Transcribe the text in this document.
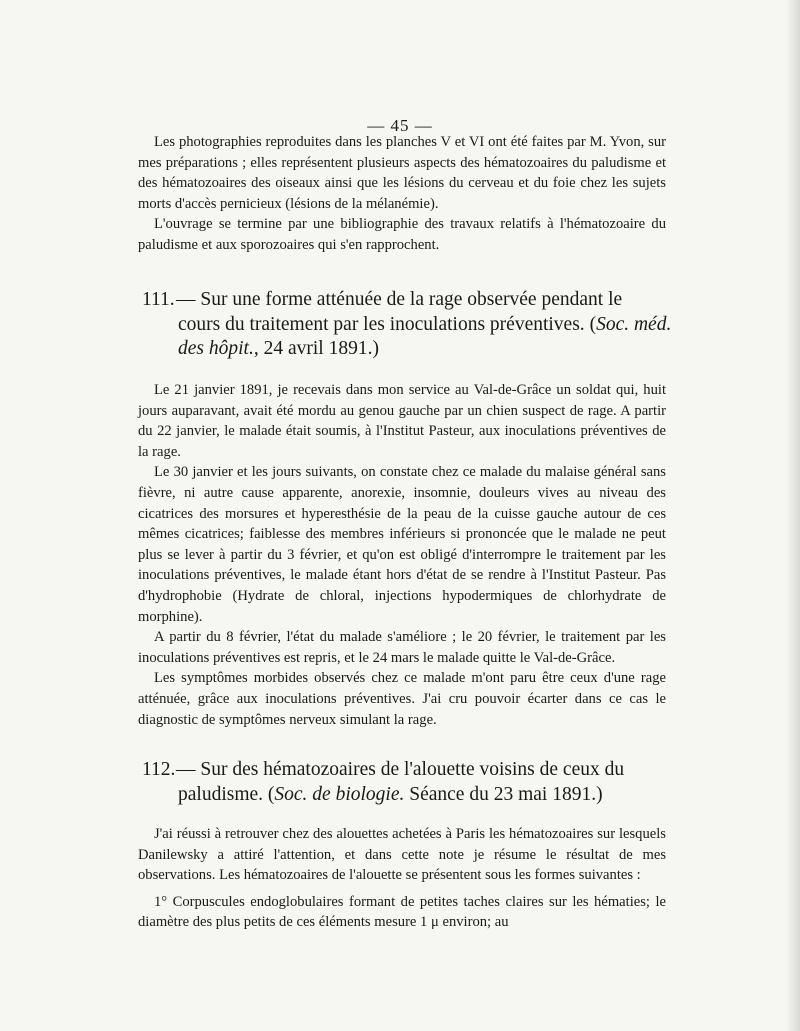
— 45 —

Les photographies reproduites dans les planches V et VI ont été faites par M. Yvon, sur mes préparations ; elles représentent plusieurs aspects des hématozoaires du paludisme et des hématozoaires des oiseaux ainsi que les lésions du cerveau et du foie chez les sujets morts d'accès pernicieux (lésions de la mélanémie).

L'ouvrage se termine par une bibliographie des travaux relatifs à l'hématozoaire du paludisme et aux sporozoaires qui s'en rapprochent.

111.— Sur une forme atténuée de la rage observée pendant le
cours du traitement par les inoculations préventives. (Soc. méd. des hôpit., 24 avril 1891.)

Le 21 janvier 1891, je recevais dans mon service au Val-de-Grâce un soldat qui, huit jours auparavant, avait été mordu au genou gauche par un chien suspect de rage. A partir du 22 janvier, le malade était soumis, à l'Institut Pasteur, aux inoculations préventives de la rage.

Le 30 janvier et les jours suivants, on constate chez ce malade du malaise général sans fièvre, ni autre cause apparente, anorexie, insomnie, douleurs vives au niveau des cicatrices des morsures et hyperesthésie de la peau de la cuisse gauche autour de ces mêmes cicatrices; faiblesse des membres inférieurs si prononcée que le malade ne peut plus se lever à partir du 3 février, et qu'on est obligé d'interrompre le traitement par les inoculations préventives, le malade étant hors d'état de se rendre à l'Institut Pasteur. Pas d'hydrophobie (Hydrate de chloral, injections hypodermiques de chlorhydrate de morphine).

A partir du 8 février, l'état du malade s'améliore ; le 20 février, le traitement par les inoculations préventives est repris, et le 24 mars le malade quitte le Val-de-Grâce.

Les symptômes morbides observés chez ce malade m'ont paru être ceux d'une rage atténuée, grâce aux inoculations préventives. J'ai cru pouvoir écarter dans ce cas le diagnostic de symptômes nerveux simulant la rage.

112.— Sur des hématozoaires de l'alouette voisins de ceux du
paludisme. (Soc. de biologie. Séance du 23 mai 1891.)

J'ai réussi à retrouver chez des alouettes achetées à Paris les hématozoaires sur lesquels Danilewsky a attiré l'attention, et dans cette note je résume le résultat de mes observations. Les hématozoaires de l'alouette se présentent sous les formes suivantes :

1° Corpuscules endoglobulaires formant de petites taches claires sur les hématies; le diamètre des plus petits de ces éléments mesure 1 μ environ; au
